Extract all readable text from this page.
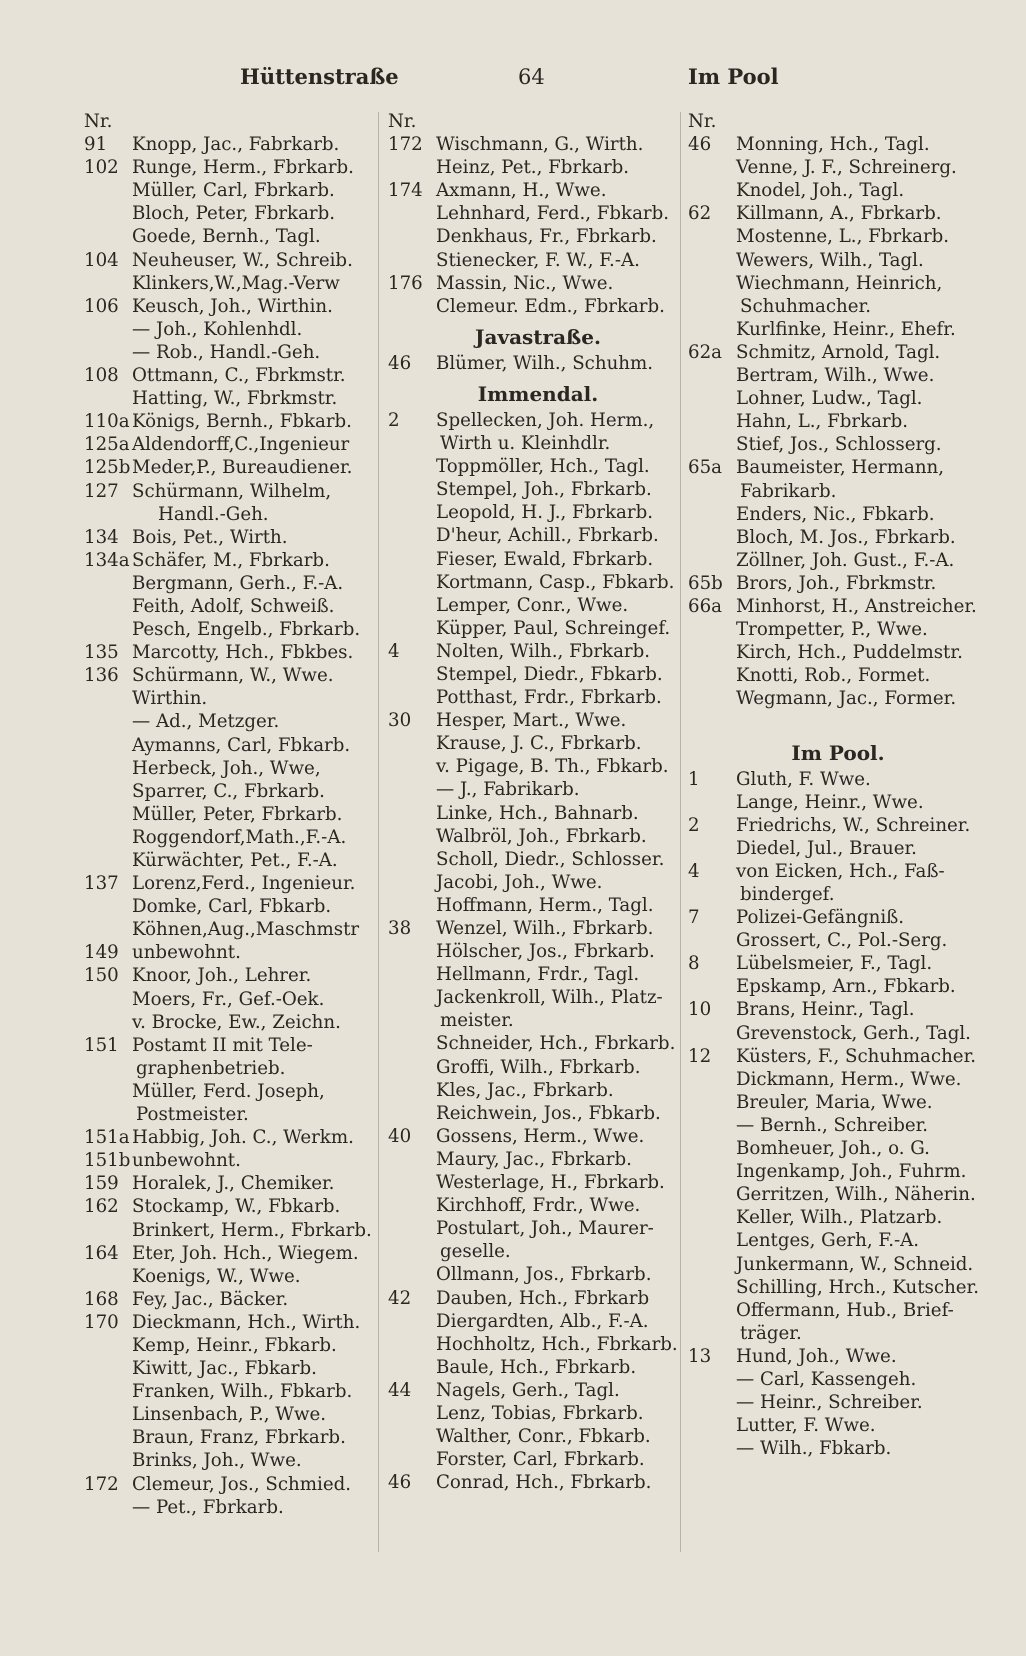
Hüttenstraße	64	Im Pool
Nr.
91 Knopp, Jac., Fabrkarb.
102 Runge, Herm., Fbrkarb.
Müller, Carl, Fbrkarb.
Bloch, Peter, Fbrkarb.
Goede, Bernh., Tagl.
104 Neuheuser, W., Schreib.
Klinkers,W.,Mag.-Verw
106 Keusch, Joh., Wirthin.
— Joh., Kohlenhdl.
— Rob., Handl.-Geh.
108 Ottmann, C., Fbrkmstr.
Hatting, W., Fbrkmstr.
110a Königs, Bernh., Fbkarb.
125a Aldendorff,C.,Ingenieur
125bMeder,P., Bureaudiener.
127 Schürmann, Wilhelm,
Handl.-Geh.
134 Bois, Pet., Wirth.
134a Schäfer, M., Fbrkarb.
Bergmann, Gerh., F.-A.
Feith, Adolf, Schweiß.
Pesch, Engelb., Fbrkarb.
135 Marcotty, Hch., Fbkbes.
136 Schürmann, W., Wwe.
Wirthin.
— Ad., Metzger.
Aymanns, Carl, Fbkarb.
Herbeck, Joh., Wwe,
Sparrer, C., Fbrkarb.
Müller, Peter, Fbrkarb.
Roggendorf,Math.,F.-A.
Kürwächter, Pet., F.-A.
137 Lorenz,Ferd., Ingenieur.
Domke, Carl, Fbkarb.
Köhnen,Aug.,Maschmstr
149 unbewohnt.
150 Knoor, Joh., Lehrer.
Moers, Fr., Gef.-Oek.
v. Brocke, Ew., Zeichn.
151 Postamt II mit Tele-
graphenbetrieb.
Müller, Ferd. Joseph,
Postmeister.
151a Habbig, Joh. C., Werkm.
151bunbewohnt.
159 Horalek, J., Chemiker.
162 Stockamp, W., Fbkarb.
Brinkert, Herm., Fbrkarb.
164 Eter, Joh. Hch., Wiegem.
Koenigs, W., Wwe.
168 Fey, Jac., Bäcker.
170 Dieckmann, Hch., Wirth.
Kemp, Heinr., Fbkarb.
Kiwitt, Jac., Fbkarb.
Franken, Wilh., Fbkarb.
Linsenbach, P., Wwe.
Braun, Franz, Fbrkarb.
Brinks, Joh., Wwe.
172 Clemeur, Jos., Schmied.
— Pet., Fbrkarb.
Nr.
172 Wischmann, G., Wirth.
Heinz, Pet., Fbrkarb.
174 Axmann, H., Wwe.
Lehnhard, Ferd., Fbkarb.
Denkhaus, Fr., Fbrkarb.
Stienecker, F. W., F.-A.
176 Massin, Nic., Wwe.
Clemeur. Edm., Fbrkarb.
Javastraße.
46 Blümer, Wilh., Schuhm.
Immendal.
2 Spellecken, Joh. Herm.,
Wirth u. Kleinhdlr.
Toppmöller, Hch., Tagl.
Stempel, Joh., Fbrkarb.
Leopold, H. J., Fbrkarb.
D'heur, Achill., Fbrkarb.
Fieser, Ewald, Fbrkarb.
Kortmann, Casp., Fbkarb.
Lemper, Conr., Wwe.
Küpper, Paul, Schreingef.
4 Nolten, Wilh., Fbrkarb.
Stempel, Diedr., Fbkarb.
Potthast, Frdr., Fbrkarb.
30 Hesper, Mart., Wwe.
Krause, J. C., Fbrkarb.
v. Pigage, B. Th., Fbkarb.
— J., Fabrikarb.
Linke, Hch., Bahnarb.
Walbröl, Joh., Fbrkarb.
Scholl, Diedr., Schlosser.
Jacobi, Joh., Wwe.
Hoffmann, Herm., Tagl.
38 Wenzel, Wilh., Fbrkarb.
Hölscher, Jos., Fbrkarb.
Hellmann, Frdr., Tagl.
Jackenkroll, Wilh., Platz-
meister.
Schneider, Hch., Fbrkarb.
Groffi, Wilh., Fbrkarb.
Kles, Jac., Fbrkarb.
Reichwein, Jos., Fbkarb.
40 Gossens, Herm., Wwe.
Maury, Jac., Fbrkarb.
Westerlage, H., Fbrkarb.
Kirchhoff, Frdr., Wwe.
Postulart, Joh., Maurer-
geselle.
Ollmann, Jos., Fbrkarb.
42 Dauben, Hch., Fbrkarb
Diergardten, Alb., F.-A.
Hochholtz, Hch., Fbrkarb.
Baule, Hch., Fbrkarb.
44 Nagels, Gerh., Tagl.
Lenz, Tobias, Fbrkarb.
Walther, Conr., Fbkarb.
Forster, Carl, Fbrkarb.
46 Conrad, Hch., Fbrkarb.
Nr.
46 Monning, Hch., Tagl.
Venne, J. F., Schreinerg.
Knodel, Joh., Tagl.
62 Killmann, A., Fbrkarb.
Mostenne, L., Fbrkarb.
Wewers, Wilh., Tagl.
Wiechmann, Heinrich,
Schuhmacher.
Kurlfinke, Heinr., Ehefr.
62a Schmitz, Arnold, Tagl.
Bertram, Wilh., Wwe.
Lohner, Ludw., Tagl.
Hahn, L., Fbrkarb.
Stief, Jos., Schlosserg.
65a Baumeister, Hermann,
Fabrikarb.
Enders, Nic., Fbkarb.
Bloch, M. Jos., Fbrkarb.
Zöllner, Joh. Gust., F.-A.
65b Brors, Joh., Fbrkmstr.
66a Minhorst, H., Anstreicher.
Trompetter, P., Wwe.
Kirch, Hch., Puddelmstr.
Knotti, Rob., Formet.
Wegmann, Jac., Former.
Im Pool.
1 Gluth, F. Wwe.
Lange, Heinr., Wwe.
2 Friedrichs, W., Schreiner.
Diedel, Jul., Brauer.
4 von Eicken, Hch., Faß-
bindergef.
7 Polizei-Gefängniß.
Grossert, C., Pol.-Serg.
8 Lübelsmeier, F., Tagl.
Epskamp, Arn., Fbkarb.
10 Brans, Heinr., Tagl.
Grevenstock, Gerh., Tagl.
12 Küsters, F., Schuhmacher.
Dickmann, Herm., Wwe.
Breuler, Maria, Wwe.
— Bernh., Schreiber.
Bomheuer, Joh., o. G.
Ingenkamp, Joh., Fuhrm.
Gerritzen, Wilh., Näherin.
Keller, Wilh., Platzarb.
Lentges, Gerh, F.-A.
Junkermann, W., Schneid.
Schilling, Hrch., Kutscher.
Offermann, Hub., Brief-
träger.
13 Hund, Joh., Wwe.
— Carl, Kassengeh.
— Heinr., Schreiber.
Lutter, F. Wwe.
— Wilh., Fbkarb.
